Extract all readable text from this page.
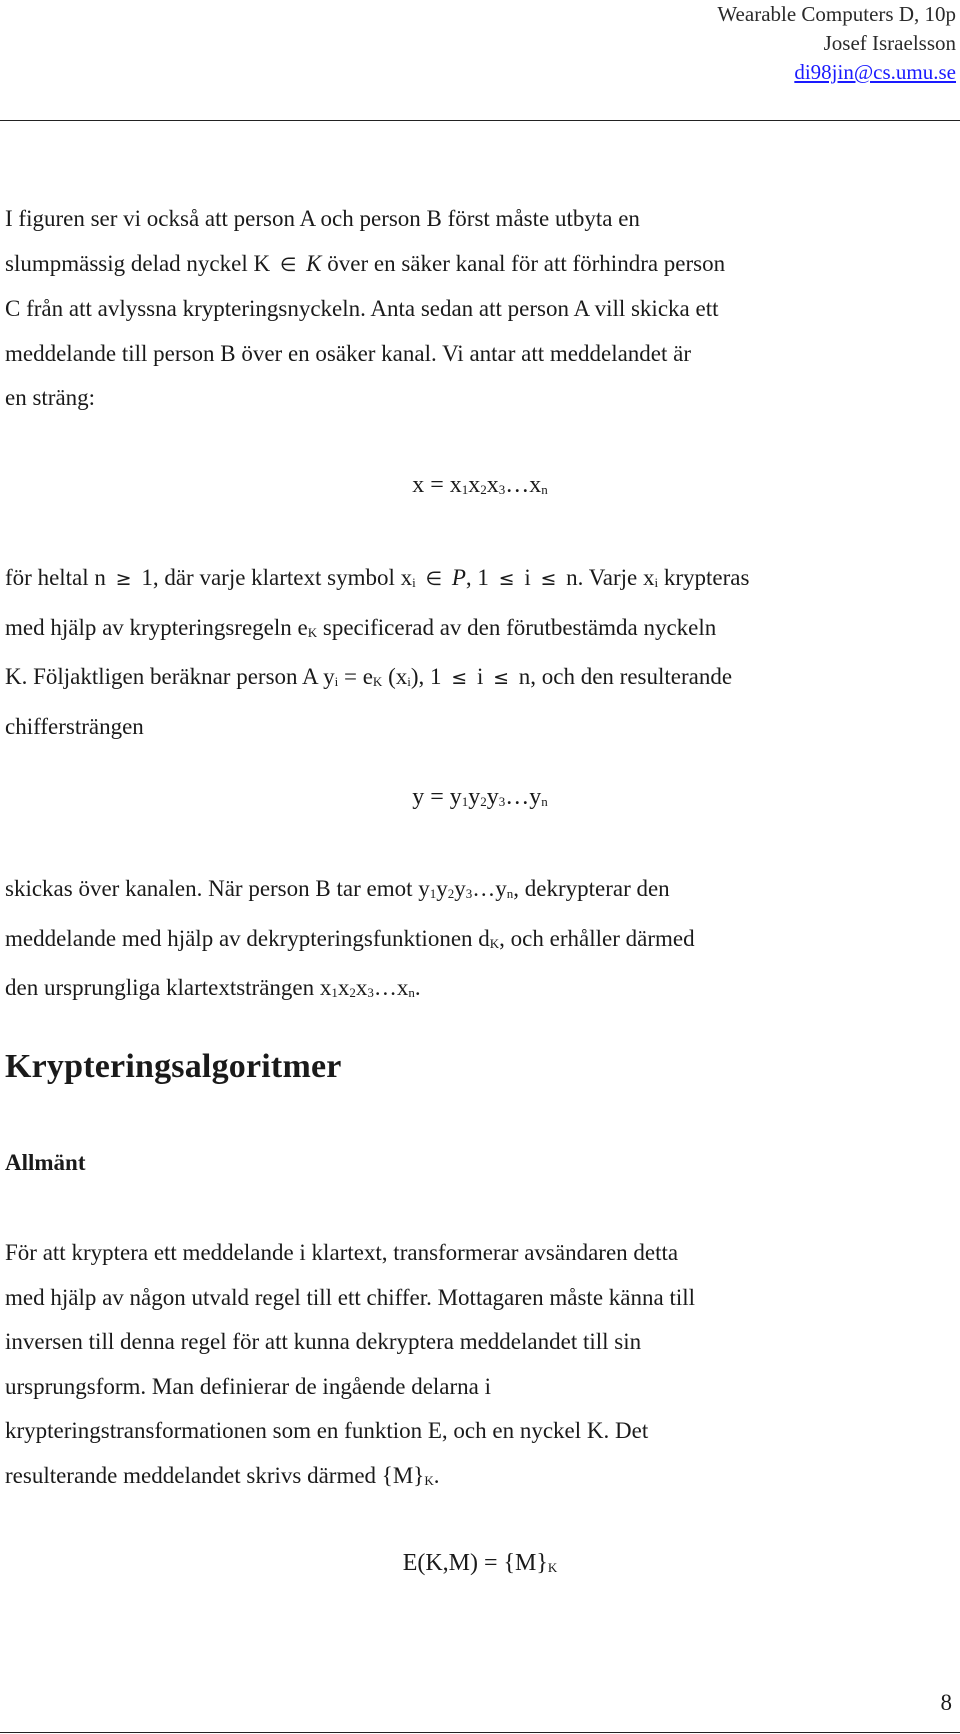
Wearable Computers D, 10p
Josef Israelsson
di98jin@cs.umu.se

I figuren ser vi också att person A och person B först måste utbyta en

slumpmässig delad nyckel K ∈ K över en säker kanal för att förhindra person

C från att avlyssna krypteringsnyckeln. Anta sedan att person A vill skicka ett

meddelande till person B över en osäker kanal. Vi antar att meddelandet är

en sträng:

$x = x_1x_2x_3\dots x_n$

för heltal n ≥ 1, där varje klartext symbol xi ∈ P, 1 ≤ i ≤ n. Varje xi krypteras

med hjälp av krypteringsregeln eK specificerad av den förutbestämda nyckeln

K. Följaktligen beräknar person A yi = eK (xi), 1 ≤ i ≤ n, och den resulterande

chiffersträngen

$y = y_1y_2y_3\dots y_n$

skickas över kanalen. När person B tar emot y1y2y3…yn, dekrypterar den

meddelande med hjälp av dekrypteringsfunktionen dK, och erhåller därmed

den ursprungliga klartextsträngen x1x2x3…xn.

Krypteringsalgoritmer
Allmänt

För att kryptera ett meddelande i klartext, transformerar avsändaren detta

med hjälp av någon utvald regel till ett chiffer. Mottagaren måste känna till

inversen till denna regel för att kunna dekryptera meddelandet till sin

ursprungsform. Man definierar de ingående delarna i

krypteringstransformationen som en funktion E, och en nyckel K. Det

resulterande meddelandet skrivs därmed {M}K.

$E(K,M) = \{M\}_K$
8
